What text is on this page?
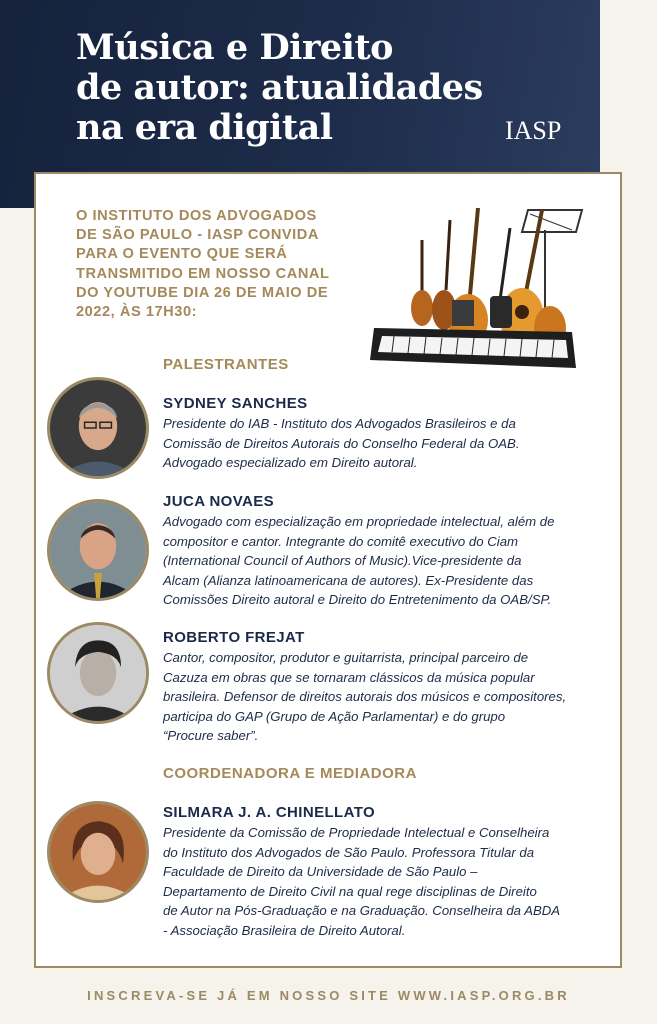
Música e Direito
de autor: atualidades
na era digital	IASP
O INSTITUTO DOS ADVOGADOS
DE SÃO PAULO - IASP CONVIDA
PARA O EVENTO QUE SERÁ
TRANSMITIDO EM NOSSO CANAL
DO YOUTUBE DIA 26 DE MAIO DE
2022, ÀS 17H30:
PALESTRANTES
SYDNEY SANCHES
Presidente do IAB - Instituto dos Advogados Brasileiros e da
Comissão de Direitos Autorais do Conselho Federal da OAB.
Advogado especializado em Direito autoral.
JUCA NOVAES
Advogado com especialização em propriedade intelectual, além de
compositor e cantor. Integrante do comitê executivo do Ciam
(International Council of Authors of Music).Vice-presidente da
Alcam (Alianza latinoamericana de autores). Ex-Presidente das
Comissões Direito autoral e Direito do Entretenimento da OAB/SP.
ROBERTO FREJAT
Cantor, compositor, produtor e guitarrista, principal parceiro de
Cazuza em obras que se tornaram clássicos da música popular
brasileira. Defensor de direitos autorais dos músicos e compositores,
participa do GAP (Grupo de Ação Parlamentar) e do grupo
“Procure saber”.
COORDENADORA E MEDIADORA
SILMARA J. A. CHINELLATO
Presidente da Comissão de Propriedade Intelectual e Conselheira
do Instituto dos Advogados de São Paulo. Professora Titular da
Faculdade de Direito da Universidade de São Paulo –
Departamento de Direito Civil na qual rege disciplinas de Direito
de Autor na Pós-Graduação e na Graduação. Conselheira da ABDA
- Associação Brasileira de Direito Autoral.
INSCREVA-SE JÁ EM NOSSO SITE WWW.IASP.ORG.BR
